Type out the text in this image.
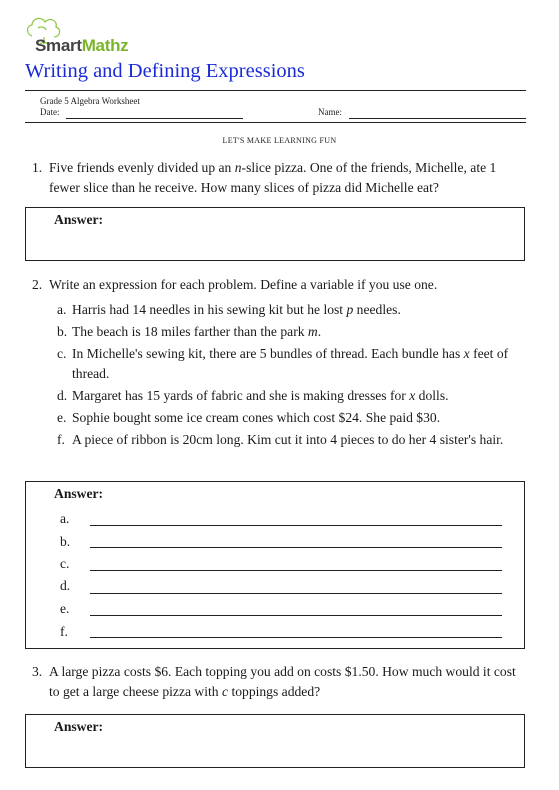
SmartMathz
Writing and Defining Expressions
Grade 5 Algebra Worksheet
Date:	Name:
LET'S MAKE LEARNING FUN
1. Five friends evenly divided up an n-slice pizza. One of the friends, Michelle, ate 1 fewer slice than he receive. How many slices of pizza did Michelle eat?
Answer:
2. Write an expression for each problem. Define a variable if you use one.
a. Harris had 14 needles in his sewing kit but he lost p needles.
b. The beach is 18 miles farther than the park m.
c. In Michelle's sewing kit, there are 5 bundles of thread. Each bundle has x feet of thread.
d. Margaret has 15 yards of fabric and she is making dresses for x dolls.
e. Sophie bought some ice cream cones which cost $24. She paid $30.
f. A piece of ribbon is 20cm long. Kim cut it into 4 pieces to do her 4 sister's hair.
Answer:
a.
b.
c.
d.
e.
f.
3. A large pizza costs $6. Each topping you add on costs $1.50. How much would it cost to get a large cheese pizza with c toppings added?
Answer:
